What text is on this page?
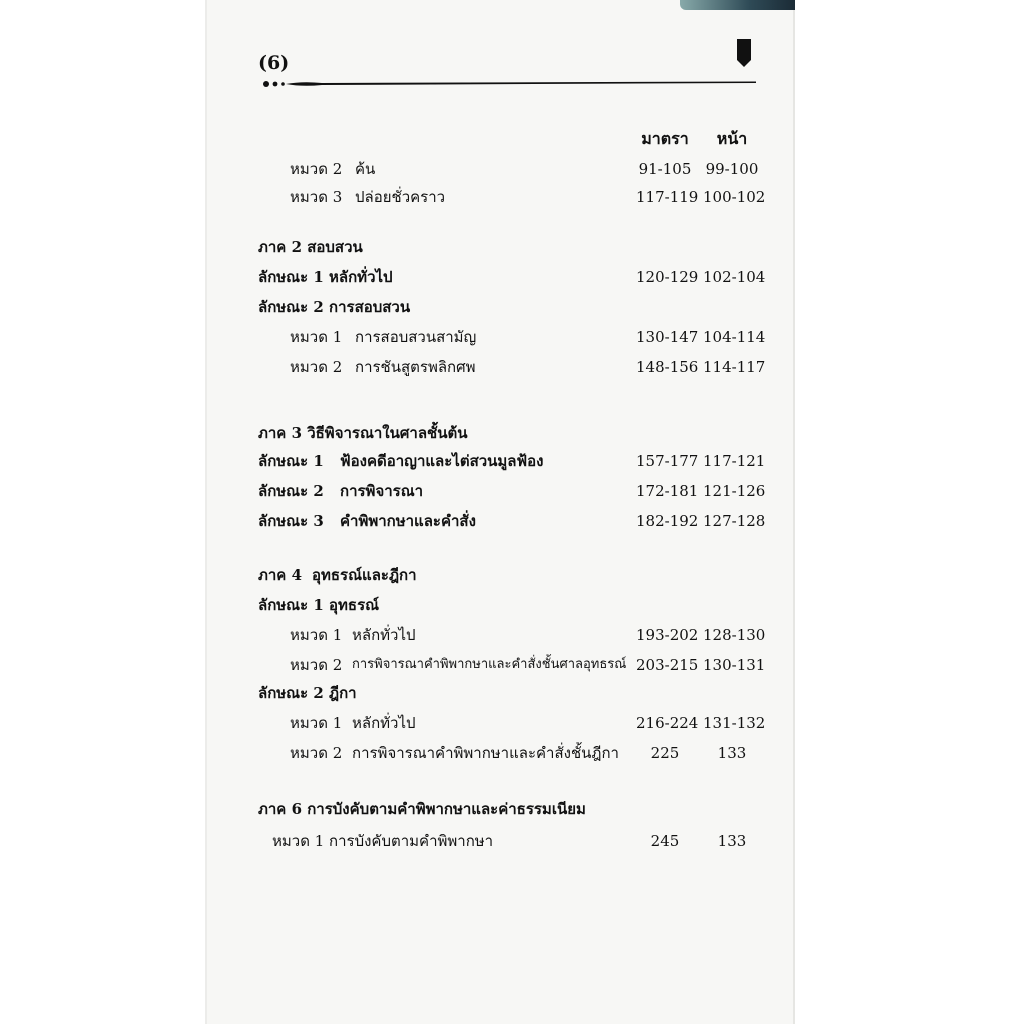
(6)
มาตรา	หน้า
หมวด 2 ค้น	91-105 99-100
หมวด 3 ปล่อยชั่วคราว	117-119 100-102
ภาค 2 สอบสวน
ลักษณะ 1 หลักทั่วไป	120-129 102-104
ลักษณะ 2 การสอบสวน
หมวด 1 การสอบสวนสามัญ	130-147 104-114
หมวด 2 การชันสูตรพลิกศพ	148-156 114-117
ภาค 3 วิธีพิจารณาในศาลชั้นต้น
ลักษณะ 1 ฟ้องคดีอาญาและไต่สวนมูลฟ้อง	157-177 117-121
ลักษณะ 2 การพิจารณา	172-181 121-126
ลักษณะ 3 คำพิพากษาและคำสั่ง	182-192 127-128
ภาค 4 อุทธรณ์และฎีกา
ลักษณะ 1 อุทธรณ์
หมวด 1 หลักทั่วไป	193-202 128-130
หมวด 2 การพิจารณาคำพิพากษาและคำสั่งชั้นศาลอุทธรณ์ 203-215 130-131
ลักษณะ 2 ฎีกา
หมวด 1 หลักทั่วไป	216-224 131-132
หมวด 2 การพิจารณาคำพิพากษาและคำสั่งชั้นฎีกา	225	133
ภาค 6 การบังคับตามคำพิพากษาและค่าธรรมเนียม
หมวด 1 การบังคับตามคำพิพากษา	245	133
